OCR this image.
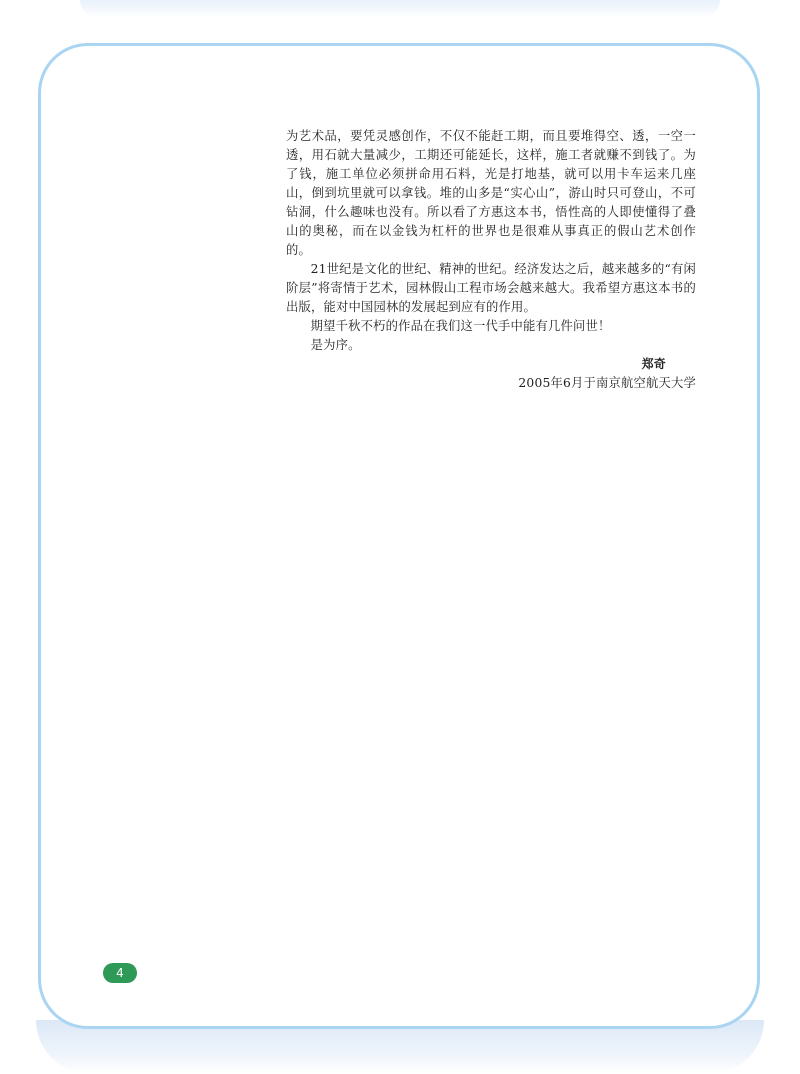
为艺术品，要凭灵感创作，不仅不能赶工期，而且要堆得空、透，一空一透，用石就大量减少，工期还可能延长，这样，施工者就赚不到钱了。为了钱，施工单位必须拼命用石料，光是打地基，就可以用卡车运来几座山，倒到坑里就可以拿钱。堆的山多是“实心山”，游山时只可登山，不可钻洞，什么趣味也没有。所以看了方惠这本书，悟性高的人即使懂得了叠山的奥秘，而在以金钱为杠杆的世界也是很难从事真正的假山艺术创作的。

21世纪是文化的世纪、精神的世纪。经济发达之后，越来越多的“有闲阶层”将寄情于艺术，园林假山工程市场会越来越大。我希望方惠这本书的出版，能对中国园林的发展起到应有的作用。

期望千秋不朽的作品在我们这一代手中能有几件问世！

是为序。

郑奇

2005年6月于南京航空航天大学

4
